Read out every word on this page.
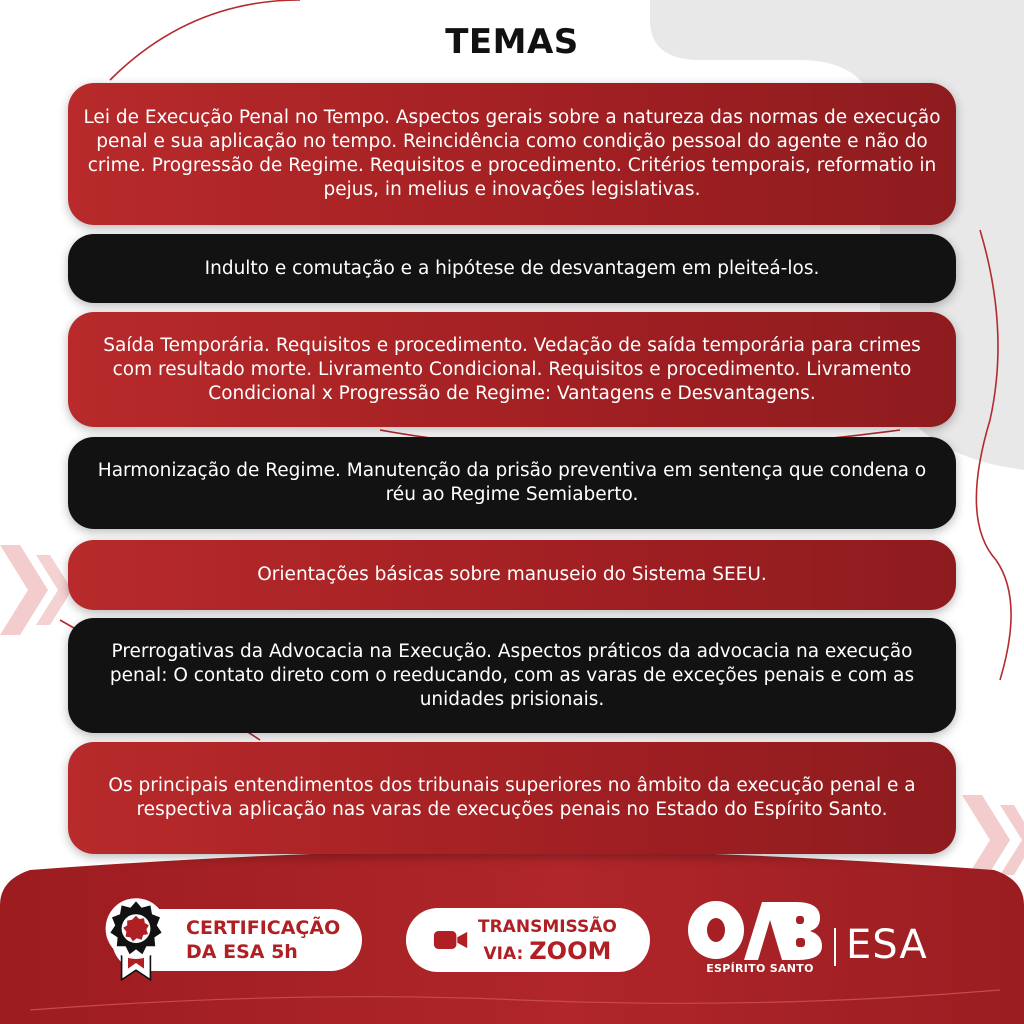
TEMAS
Lei de Execução Penal no Tempo. Aspectos gerais sobre a natureza das normas de execução penal e sua aplicação no tempo. Reincidência como condição pessoal do agente e não do crime. Progressão de Regime. Requisitos e procedimento. Critérios temporais, reformatio in pejus, in melius e inovações legislativas.
Indulto e comutação e a hipótese de desvantagem em pleiteá-los.
Saída Temporária. Requisitos e procedimento. Vedação de saída temporária para crimes com resultado morte. Livramento Condicional. Requisitos e procedimento. Livramento Condicional x Progressão de Regime: Vantagens e Desvantagens.
Harmonização de Regime. Manutenção da prisão preventiva em sentença que condena o réu ao Regime Semiaberto.
Orientações básicas sobre manuseio do Sistema SEEU.
Prerrogativas da Advocacia na Execução. Aspectos práticos da advocacia na execução penal: O contato direto com o reeducando, com as varas de exceções penais e com as unidades prisionais.
Os principais entendimentos dos tribunais superiores no âmbito da execução penal e a respectiva aplicação nas varas de execuções penais no Estado do Espírito Santo.
CERTIFICAÇÃO
DA ESA 5h
TRANSMISSÃO
VIA: ZOOM
ESPÍRITO SANTO
ESA
